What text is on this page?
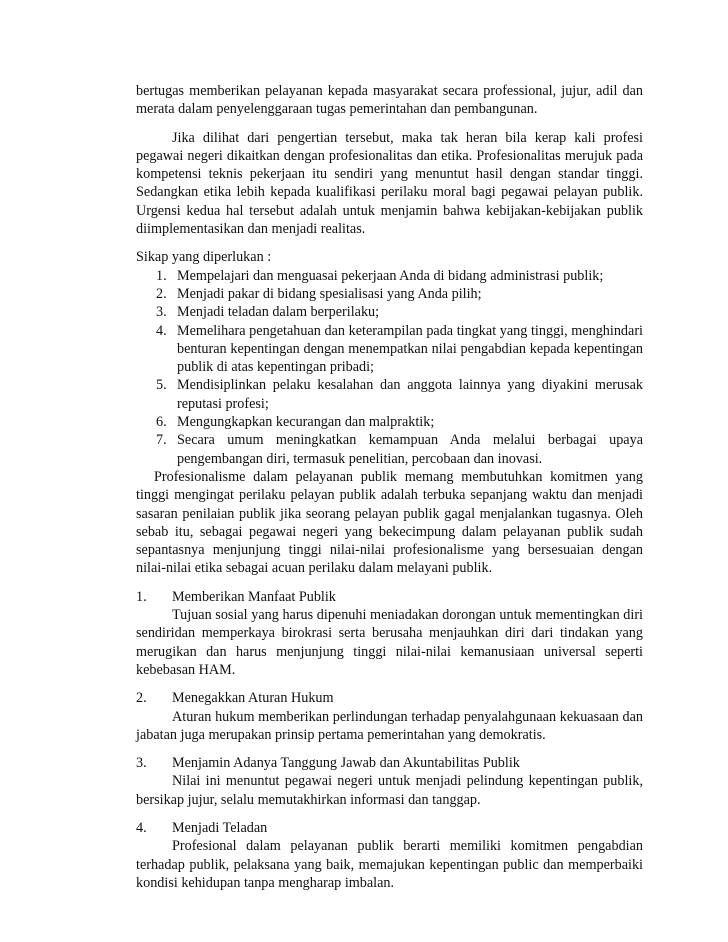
bertugas memberikan pelayanan kepada masyarakat secara professional, jujur, adil dan merata dalam penyelenggaraan tugas pemerintahan dan pembangunan.

Jika dilihat dari pengertian tersebut, maka tak heran bila kerap kali profesi pegawai negeri dikaitkan dengan profesionalitas dan etika. Profesionalitas merujuk pada kompetensi teknis pekerjaan itu sendiri yang menuntut hasil dengan standar tinggi. Sedangkan etika lebih kepada kualifikasi perilaku moral bagi pegawai pelayan publik. Urgensi kedua hal tersebut adalah untuk menjamin bahwa kebijakan-kebijakan publik diimplementasikan dan menjadi realitas.

Sikap yang diperlukan :

1. Mempelajari dan menguasai pekerjaan Anda di bidang administrasi publik;
2. Menjadi pakar di bidang spesialisasi yang Anda pilih;
3. Menjadi teladan dalam berperilaku;
4. Memelihara pengetahuan dan keterampilan pada tingkat yang tinggi, menghindari benturan kepentingan dengan menempatkan nilai pengabdian kepada kepentingan publik di atas kepentingan pribadi;
5. Mendisiplinkan pelaku kesalahan dan anggota lainnya yang diyakini merusak reputasi profesi;
6. Mengungkapkan kecurangan dan malpraktik;
7. Secara umum meningkatkan kemampuan Anda melalui berbagai upaya pengembangan diri, termasuk penelitian, percobaan dan inovasi.

Profesionalisme dalam pelayanan publik memang membutuhkan komitmen yang tinggi mengingat perilaku pelayan publik adalah terbuka sepanjang waktu dan menjadi sasaran penilaian publik jika seorang pelayan publik gagal menjalankan tugasnya. Oleh sebab itu, sebagai pegawai negeri yang bekecimpung dalam pelayanan publik sudah sepantasnya menjunjung tinggi nilai-nilai profesionalisme yang bersesuaian dengan nilai-nilai etika sebagai acuan perilaku dalam melayani publik.

1.	Memberikan Manfaat Publik

Tujuan sosial yang harus dipenuhi meniadakan dorongan untuk mementingkan diri sendiridan memperkaya birokrasi serta berusaha menjauhkan diri dari tindakan yang merugikan dan harus menjunjung tinggi nilai-nilai kemanusiaan universal seperti kebebasan HAM.

2.	Menegakkan Aturan Hukum

Aturan hukum memberikan perlindungan terhadap penyalahgunaan kekuasaan dan jabatan juga merupakan prinsip pertama pemerintahan yang demokratis.

3.	Menjamin Adanya Tanggung Jawab dan Akuntabilitas Publik

Nilai ini menuntut pegawai negeri untuk menjadi pelindung kepentingan publik, bersikap jujur, selalu memutakhirkan informasi dan tanggap.

4.	Menjadi Teladan

Profesional dalam pelayanan publik berarti memiliki komitmen pengabdian terhadap publik, pelaksana yang baik, memajukan kepentingan public dan memperbaiki kondisi kehidupan tanpa mengharap imbalan.
